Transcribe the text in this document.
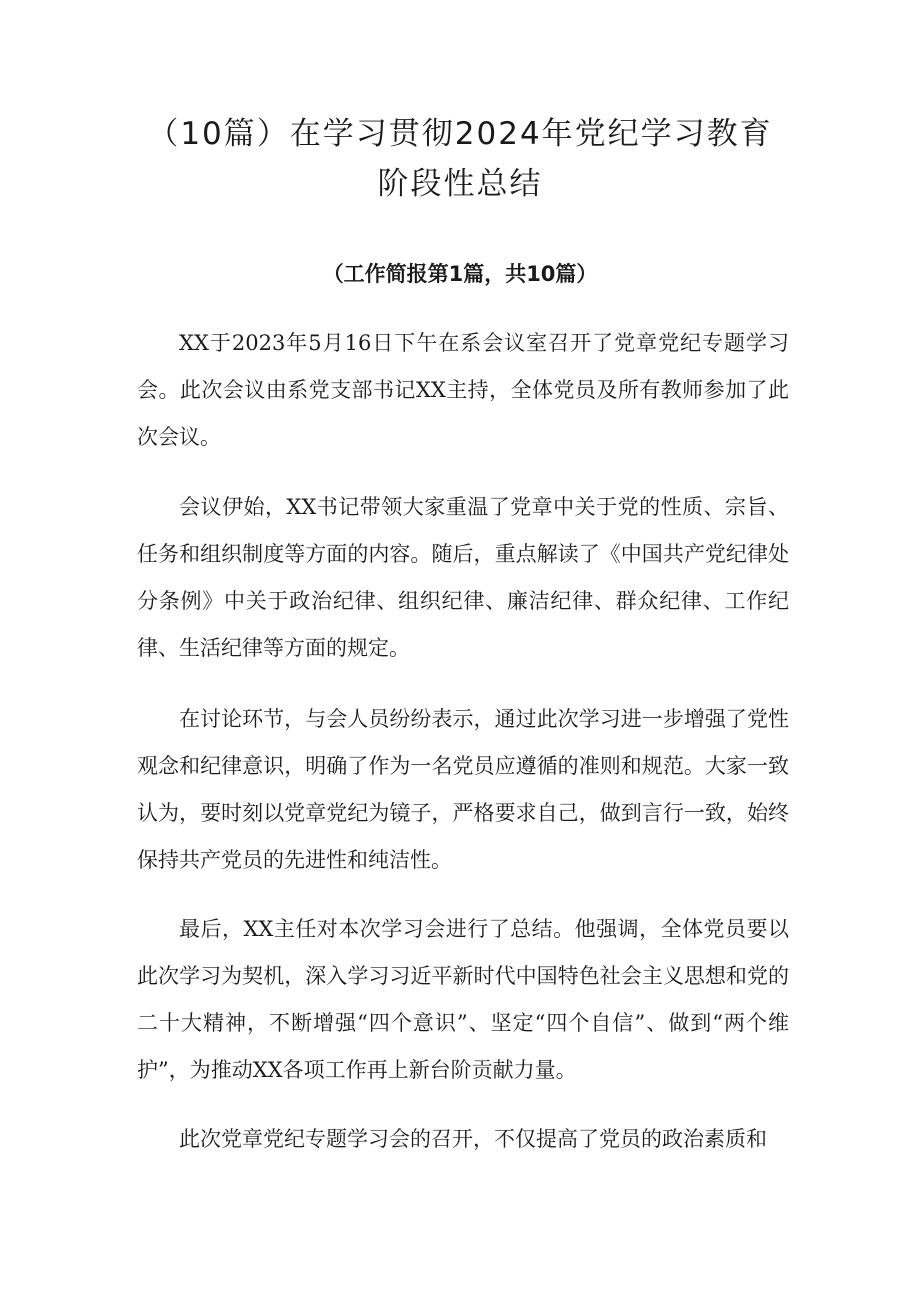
（10篇）在学习贯彻2024年党纪学习教育
阶段性总结

（工作简报第1篇，共10篇）

XX于2023年5月16日下午在系会议室召开了党章党纪专题学习会。此次会议由系党支部书记XX主持，全体党员及所有教师参加了此次会议。

会议伊始，XX书记带领大家重温了党章中关于党的性质、宗旨、任务和组织制度等方面的内容。随后，重点解读了《中国共产党纪律处分条例》中关于政治纪律、组织纪律、廉洁纪律、群众纪律、工作纪律、生活纪律等方面的规定。

在讨论环节，与会人员纷纷表示，通过此次学习进一步增强了党性观念和纪律意识，明确了作为一名党员应遵循的准则和规范。大家一致认为，要时刻以党章党纪为镜子，严格要求自己，做到言行一致，始终保持共产党员的先进性和纯洁性。

最后，XX主任对本次学习会进行了总结。他强调，全体党员要以此次学习为契机，深入学习习近平新时代中国特色社会主义思想和党的二十大精神，不断增强“四个意识”、坚定“四个自信”、做到“两个维护”，为推动XX各项工作再上新台阶贡献力量。

此次党章党纪专题学习会的召开，不仅提高了党员的政治素质和
